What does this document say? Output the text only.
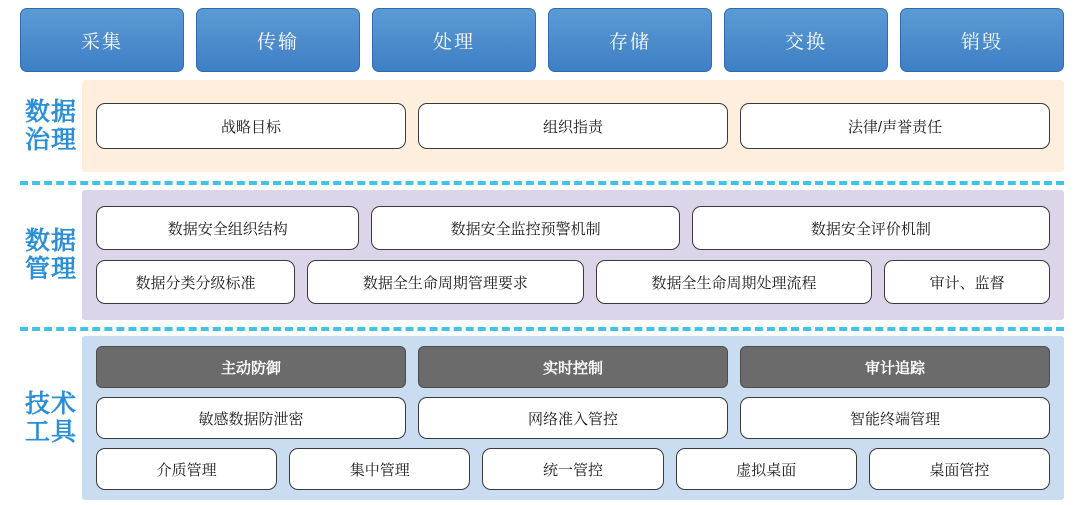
采集	传输	处理	存储	交换	销毁
数据
治理	战略目标	组织指责	法律/声誉责任
数据
管理
数据安全组织结构	数据安全监控预警机制	数据安全评价机制
数据分类分级标准	数据全生命周期管理要求	数据全生命周期处理流程	审计、监督
技术
工具
主动防御	实时控制	审计追踪
敏感数据防泄密	网络准入管控	智能终端管理
介质管理	集中管理	统一管控	虚拟桌面	桌面管控
